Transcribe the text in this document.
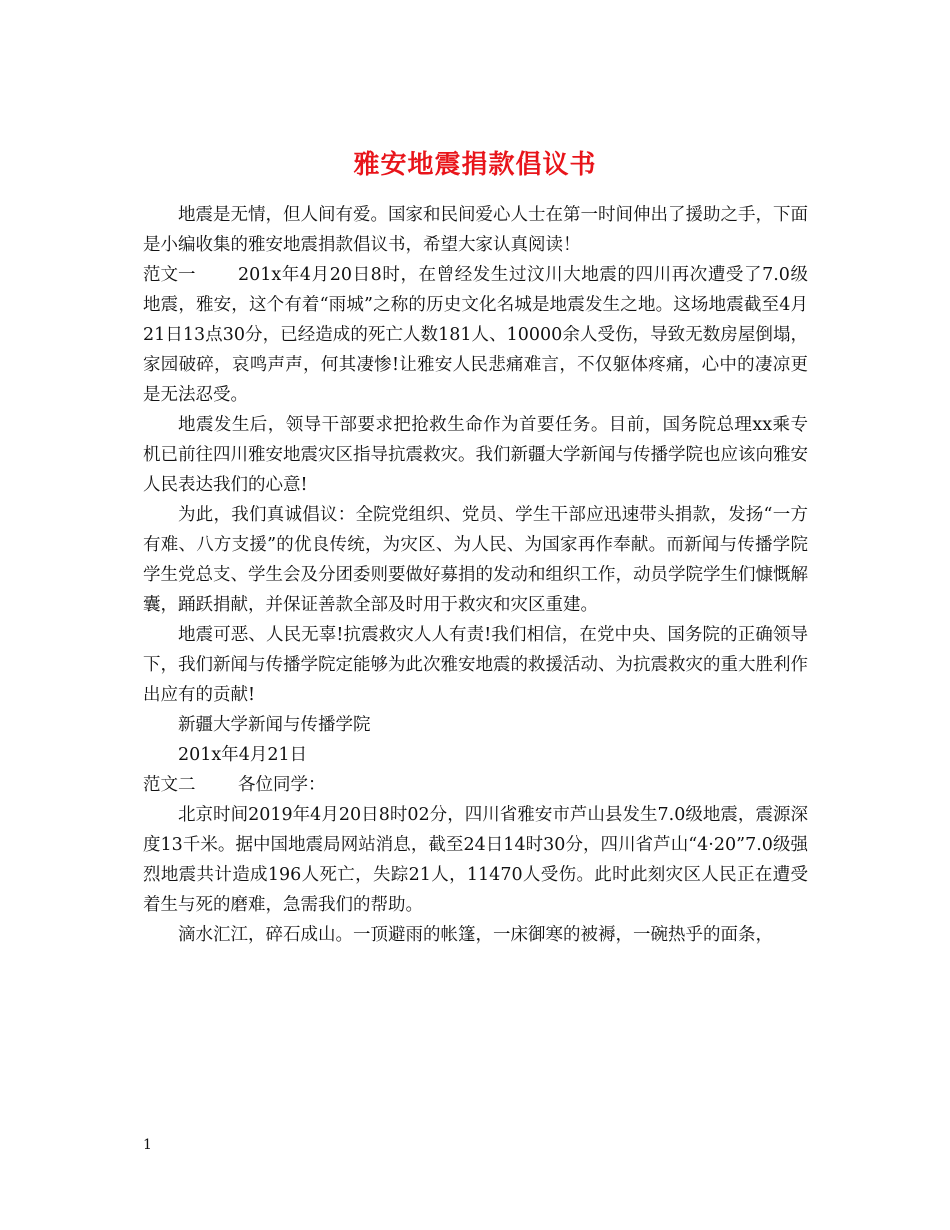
雅安地震捐款倡议书

地震是无情，但人间有爱。国家和民间爱心人士在第一时间伸出了援助之手，下面是小编收集的雅安地震捐款倡议书，希望大家认真阅读！

范文一 201x年4月20日8时，在曾经发生过汶川大地震的四川再次遭受了7.0级地震，雅安，这个有着“雨城”之称的历史文化名城是地震发生之地。这场地震截至4月21日13点30分，已经造成的死亡人数181人、10000余人受伤，导致无数房屋倒塌，家园破碎，哀鸣声声，何其凄惨!让雅安人民悲痛难言，不仅躯体疼痛，心中的凄凉更是无法忍受。

地震发生后，领导干部要求把抢救生命作为首要任务。目前，国务院总理xx乘专机已前往四川雅安地震灾区指导抗震救灾。我们新疆大学新闻与传播学院也应该向雅安人民表达我们的心意!

为此，我们真诚倡议：全院党组织、党员、学生干部应迅速带头捐款，发扬“一方有难、八方支援”的优良传统，为灾区、为人民、为国家再作奉献。而新闻与传播学院学生党总支、学生会及分团委则要做好募捐的发动和组织工作，动员学院学生们慷慨解囊，踊跃捐献，并保证善款全部及时用于救灾和灾区重建。

地震可恶、人民无辜!抗震救灾人人有责!我们相信，在党中央、国务院的正确领导下，我们新闻与传播学院定能够为此次雅安地震的救援活动、为抗震救灾的重大胜利作出应有的贡献!

新疆大学新闻与传播学院

201x年4月21日

范文二 各位同学：

北京时间2019年4月20日8时02分，四川省雅安市芦山县发生7.0级地震，震源深度13千米。据中国地震局网站消息，截至24日14时30分，四川省芦山“4·20”7.0级强烈地震共计造成196人死亡，失踪21人，11470人受伤。此时此刻灾区人民正在遭受着生与死的磨难，急需我们的帮助。

滴水汇江，碎石成山。一顶避雨的帐篷，一床御寒的被褥，一碗热乎的面条，

1
